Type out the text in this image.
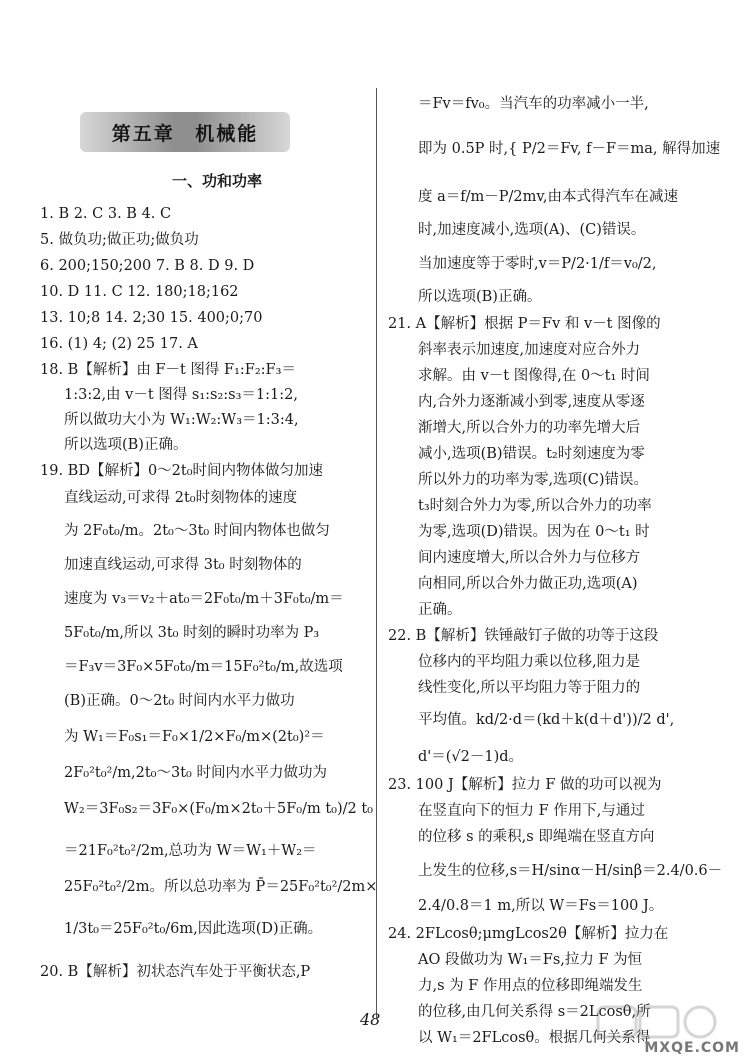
第五章 机械能
一、功和功率
1. B 2. C 3. B 4. C
5. 做负功;做正功;做负功
6. 200;150;200 7. B 8. D 9. D
10. D 11. C 12. 180;18;162
13. 10;8 14. 2;30 15. 400;0;70
16. (1) 4; (2) 25 17. A
18. B【解析】由 F－t 图得 F₁:F₂:F₃＝
1:3:2,由 v－t 图得 s₁:s₂:s₃＝1:1:2,
所以做功大小为 W₁:W₂:W₃＝1:3:4,
所以选项(B)正确。
19. BD【解析】0～2t₀时间内物体做匀加速
直线运动,可求得 2t₀时刻物体的速度
为 2F₀t₀/m。2t₀～3t₀ 时间内物体也做匀
加速直线运动,可求得 3t₀ 时刻物体的
速度为 v₃＝v₂＋at₀＝2F₀t₀/m＋3F₀t₀/m＝
5F₀t₀/m,所以 3t₀ 时刻的瞬时功率为 P₃
＝F₃v＝3F₀×5F₀t₀/m＝15F₀²t₀/m,故选项
(B)正确。0～2t₀ 时间内水平力做功
为 W₁＝F₀s₁＝F₀×1/2×F₀/m×(2t₀)²＝
2F₀²t₀²/m,2t₀～3t₀ 时间内水平力做功为
W₂＝3F₀s₂＝3F₀×(F₀/m×2t₀＋5F₀/m t₀)/2 t₀
＝21F₀²t₀²/2m,总功为 W＝W₁＋W₂＝
25F₀²t₀²/2m。所以总功率为 P̄＝25F₀²t₀²/2m×
1/3t₀＝25F₀²t₀/6m,因此选项(D)正确。
20. B【解析】初状态汽车处于平衡状态,P
＝Fv＝fv₀。当汽车的功率减小一半,
即为 0.5P 时,{ P/2＝Fv, f－F＝ma, 解得加速
度 a＝f/m－P/2mv,由本式得汽车在减速
时,加速度减小,选项(A)、(C)错误。
当加速度等于零时,v＝P/2·1/f＝v₀/2,
所以选项(B)正确。
21. A【解析】根据 P＝Fv 和 v－t 图像的
斜率表示加速度,加速度对应合外力
求解。由 v－t 图像得,在 0～t₁ 时间
内,合外力逐渐减小到零,速度从零逐
渐增大,所以合外力的功率先增大后
减小,选项(B)错误。t₂时刻速度为零
所以外力的功率为零,选项(C)错误。
t₃时刻合外力为零,所以合外力的功率
为零,选项(D)错误。因为在 0～t₁ 时
间内速度增大,所以合外力与位移方
向相同,所以合外力做正功,选项(A)
正确。
22. B【解析】铁锤敲钉子做的功等于这段
位移内的平均阻力乘以位移,阻力是
线性变化,所以平均阻力等于阻力的
平均值。kd/2·d＝(kd＋k(d＋d'))/2 d',
d'＝(√2－1)d。
23. 100 J【解析】拉力 F 做的功可以视为
在竖直向下的恒力 F 作用下,与通过
的位移 s 的乘积,s 即绳端在竖直方向
上发生的位移,s＝H/sinα－H/sinβ＝2.4/0.6－
2.4/0.8＝1 m,所以 W＝Fs＝100 J。
24. 2FLcosθ;μmgLcos2θ【解析】拉力在
AO 段做功为 W₁＝Fs,拉力 F 为恒
力,s 为 F 作用点的位移即绳端发生
的位移,由几何关系得 s＝2Lcosθ,所
以 W₁＝2FLcosθ。根据几何关系得
48
MXQE.COM
